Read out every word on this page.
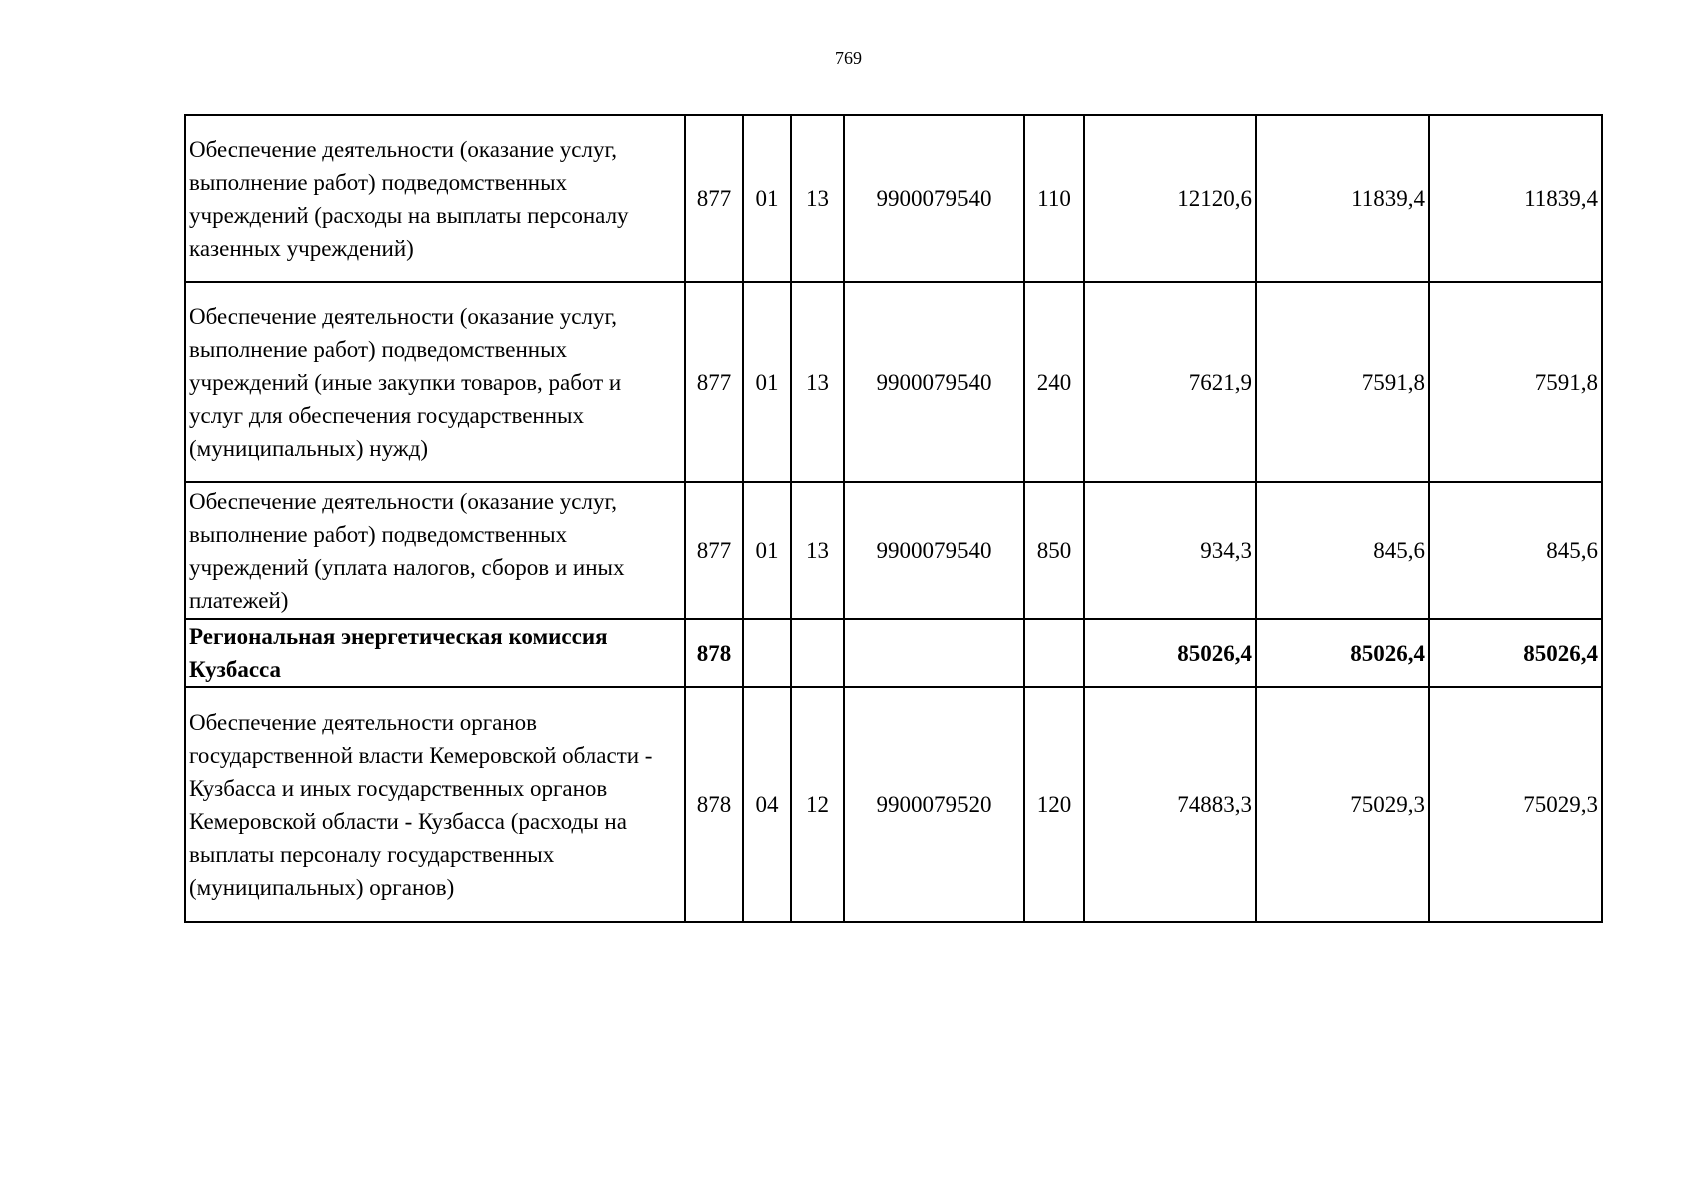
769
Обеспечение деятельности (оказание услуг, выполнение работ) подведомственных учреждений (расходы на выплаты персоналу казенных учреждений)	877	01	13	9900079540	110	12120,6	11839,4	11839,4
Обеспечение деятельности (оказание услуг, выполнение работ) подведомственных учреждений (иные закупки товаров, работ и услуг для обеспечения государственных (муниципальных) нужд)	877	01	13	9900079540	240	7621,9	7591,8	7591,8
Обеспечение деятельности (оказание услуг, выполнение работ) подведомственных учреждений (уплата налогов, сборов и иных платежей)	877	01	13	9900079540	850	934,3	845,6	845,6
Региональная энергетическая комиссия Кузбасса	878					85026,4	85026,4	85026,4
Обеспечение деятельности органов государственной власти Кемеровской области - Кузбасса и иных государственных органов Кемеровской области - Кузбасса (расходы на выплаты персоналу государственных (муниципальных) органов)	878	04	12	9900079520	120	74883,3	75029,3	75029,3
